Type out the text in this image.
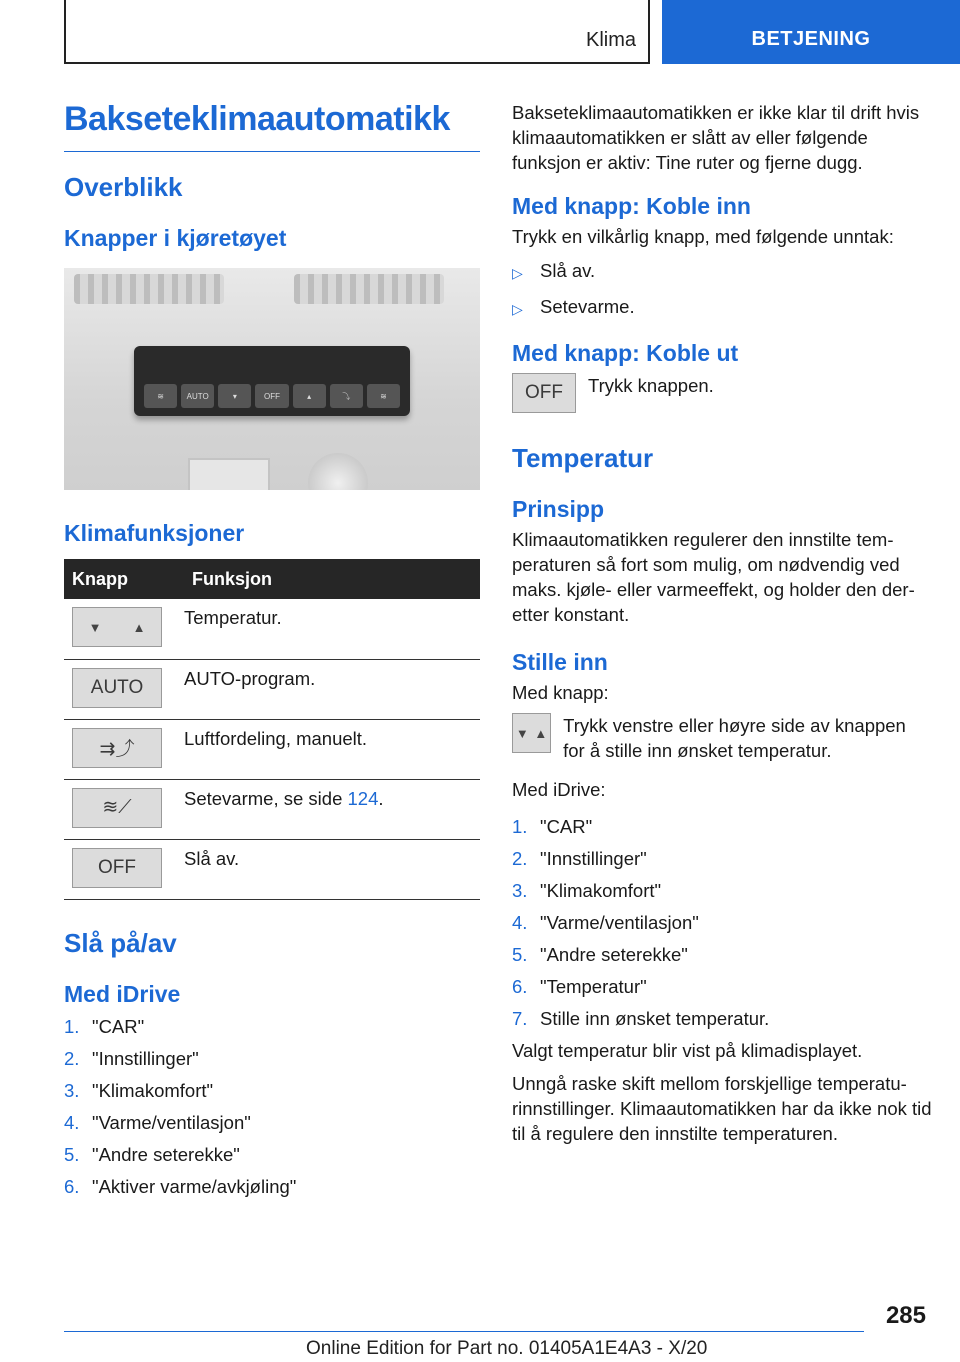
Klima	BETJENING
Bakseteklimaautomatikk
Overblikk
Knapper i kjøretøyet
≋	AUTO	▾	OFF	▴	⤵	≋
Klimafunksjoner
Knapp	Funksjon

▼ ▲	Temperatur.

AUTO	AUTO-program.

⇉⤴	Luftfordeling, manuelt.

≋⟋	Setevarme, se side 124.

OFF	Slå av.
Slå på/av
Med iDrive
1. "CAR"
2. "Innstillinger"
3. "Klimakomfort"
4. "Varme/ventilasjon"
5. "Andre seterekke"
6. "Aktiver varme/avkjøling"

Bakseteklimaautomatikken er ikke klar til drift hvis klimaautomatikken er slått av eller følgende funksjon er aktiv: Tine ruter og fjerne dugg.

Med knapp: Koble inn

Trykk en vilkårlig knapp, med følgende unntak:

▷ Slå av.
▷ Setevarme.
Med knapp: Koble ut
OFF	Trykk knappen.

Temperatur
Prinsipp

Klimaautomatikken regulerer den innstilte temperaturen så fort som mulig, om nødvendig ved maks. kjøle- eller varmeeffekt, og holder den deretter konstant.

Stille inn

Med knapp:

▼ ▲ Trykk venstre eller høyre side av knappen for å stille inn ønsket temperatur.

Med iDrive:

1. "CAR"
2. "Innstillinger"
3. "Klimakomfort"
4. "Varme/ventilasjon"
5. "Andre seterekke"
6. "Temperatur"
7. Stille inn ønsket temperatur.

Valgt temperatur blir vist på klimadisplayet.

Unngå raske skift mellom forskjellige temperaturinnstillinger. Klimaautomatikken har da ikke nok tid til å regulere den innstilte temperaturen.

285
Online Edition for Part no. 01405A1E4A3 - X/20
